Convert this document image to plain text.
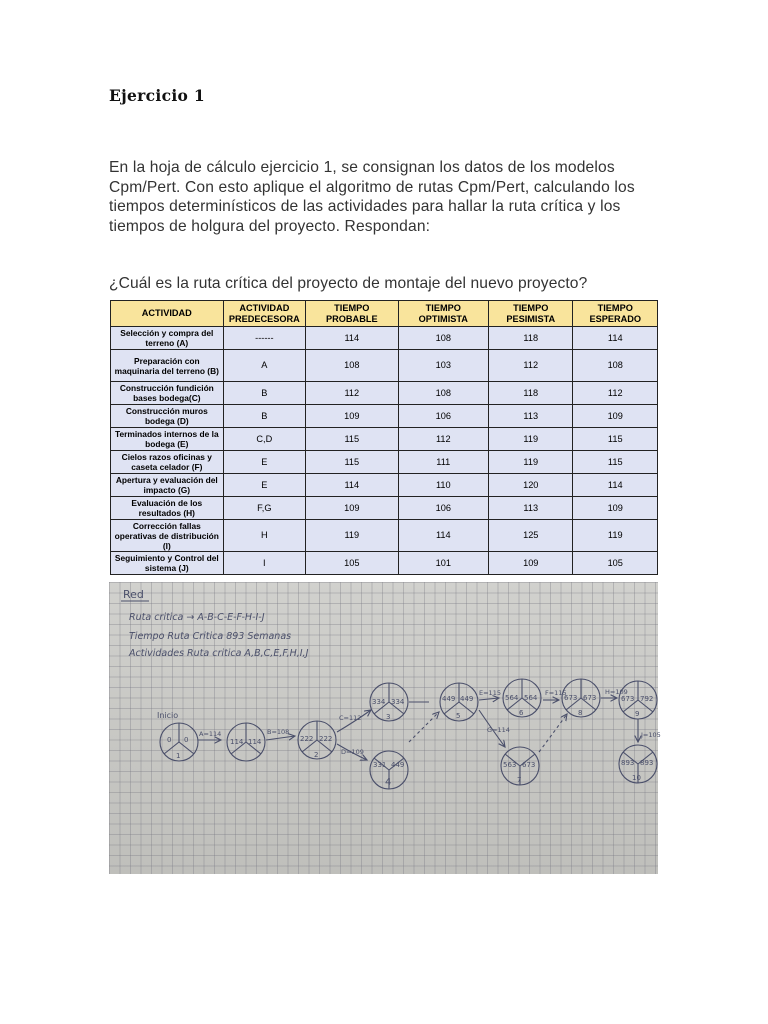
Ejercicio 1

En la hoja de cálculo ejercicio 1, se consignan los datos de los modelos Cpm/Pert. Con esto aplique el algoritmo de rutas Cpm/Pert, calculando los tiempos determinísticos de las actividades para hallar la ruta crítica y los tiempos de holgura del proyecto. Respondan:

¿Cuál es la ruta crítica del proyecto de montaje del nuevo proyecto?

ACTIVIDAD	ACTIVIDAD PREDECESORA	TIEMPO PROBABLE	TIEMPO OPTIMISTA	TIEMPO PESIMISTA	TIEMPO ESPERADO
Selección y compra del terreno (A)	------	114	108	118	114
Preparación con maquinaria del terreno (B)	A	108	103	112	108
Construcción fundición bases bodega(C)	B	112	108	118	112
Construcción muros bodega (D)	B	109	106	113	109
Terminados internos de la bodega (E)	C,D	115	112	119	115
Cielos razos oficinas y caseta celador (F)	E	115	111	119	115
Apertura y evaluación del impacto (G)	E	114	110	120	114
Evaluación de los resultados (H)	F,G	109	106	113	109
Corrección fallas operativas de distribución (I)	H	119	114	125	119
Seguimiento y Control del sistema (J)	I	105	101	109	105
Red
Ruta critica → A-B-C-E-F-H-I-J
Tiempo Ruta Critica 893 Semanas
Actividades Ruta critica A,B,C,E,F,H,I,J
Inicio
A=114	B=108
C=112
D=109
E=115	F=115
G=114
H=109
J=105
0 0
1
114 114	222 222
2
334 334
3
331 449
4
449 449
5
564 564
6
563 673
7
673 673
8
673 792
9
893 893
10
